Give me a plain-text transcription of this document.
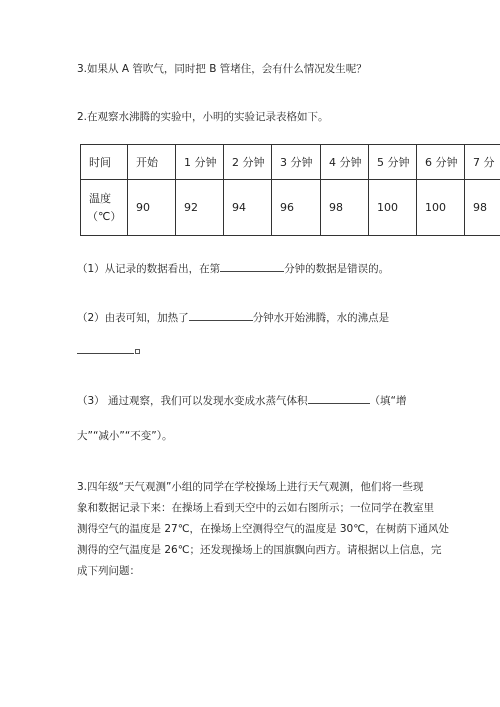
3.如果从 A 管吹气，同时把 B 管堵住，会有什么情况发生呢？
2.在观察水沸腾的实验中，小明的实验记录表格如下。
时间	开始	1 分钟	2 分钟	3 分钟	4 分钟	5 分钟	6 分钟	7 分

温度
（℃）	90	92	94	96	98	100	100	98
（1）从记录的数据看出，在第	分钟的数据是错误的。
（2）由表可知，加热了	分钟水开始沸腾，水的沸点是
（3） 通过观察，我们可以发现水变成水蒸气体积	（填“增
大”“减小”“不变”）。
3.四年级“天气观测”小组的同学在学校操场上进行天气观测，他们将一些现
象和数据记录下来：在操场上看到天空中的云如右图所示；一位同学在教室里
测得空气的温度是 27℃，在操场上空测得空气的温度是 30℃，在树荫下通风处
测得的空气温度是 26℃；还发现操场上的国旗飘向西方。请根据以上信息，完
成下列问题：
